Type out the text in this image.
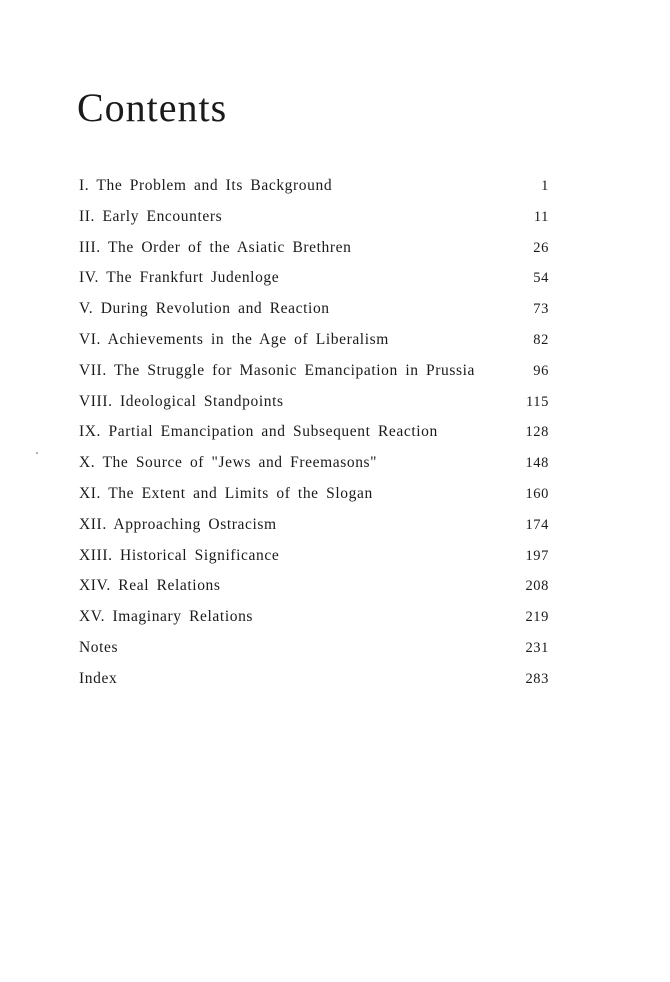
Contents
I. The Problem and Its Background	1
II. Early Encounters	11
III. The Order of the Asiatic Brethren	26
IV. The Frankfurt Judenloge	54
V. During Revolution and Reaction	73
VI. Achievements in the Age of Liberalism	82
VII. The Struggle for Masonic Emancipation in Prussia	96
VIII. Ideological Standpoints	115
IX. Partial Emancipation and Subsequent Reaction	128
X. The Source of "Jews and Freemasons"	148
XI. The Extent and Limits of the Slogan	160
XII. Approaching Ostracism	174
XIII. Historical Significance	197
XIV. Real Relations	208
XV. Imaginary Relations	219
Notes	231
Index	283
